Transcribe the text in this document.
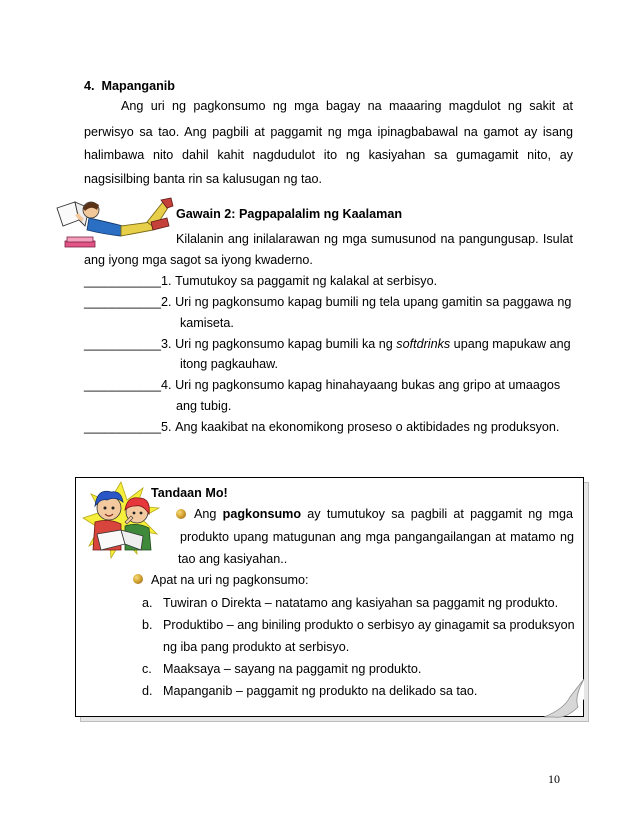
4.  Mapanganib
Ang uri ng pagkonsumo ng mga bagay na maaaring magdulot ng sakit at
perwisyo sa tao. Ang pagbili at paggamit ng mga ipinagbabawal na gamot ay isang
halimbawa nito dahil kahit nagdudulot ito ng kasiyahan sa gumagamit nito, ay
nagsisilbing banta rin sa kalusugan ng tao.
Gawain 2: Pagpapalalim ng Kaalaman
Kilalanin ang inilalarawan ng mga sumusunod na pangungusap. Isulat
ang iyong mga sagot sa iyong kwaderno.
___________1. Tumutukoy sa paggamit ng kalakal at serbisyo.
___________2. Uri ng pagkonsumo kapag bumili ng tela upang gamitin sa paggawa ng
kamiseta.
___________3. Uri ng pagkonsumo kapag bumili ka ng softdrinks upang mapukaw ang
itong pagkauhaw.
___________4. Uri ng pagkonsumo kapag hinahayaang bukas ang gripo at umaagos
ang tubig.
___________5. Ang kaakibat na ekonomikong proseso o aktibidades ng produksyon.
Tandaan Mo!
Ang pagkonsumo ay tumutukoy sa pagbili at paggamit ng mga
produkto upang matugunan ang mga pangangailangan at matamo ng
tao ang kasiyahan..
Apat na uri ng pagkonsumo:
a. Tuwiran o Direkta – natatamo ang kasiyahan sa paggamit ng produkto.
b. Produktibo – ang biniling produkto o serbisyo ay ginagamit sa produksyon
ng iba pang produkto at serbisyo.
c. Maaksaya – sayang na paggamit ng produkto.
d. Mapanganib – paggamit ng produkto na delikado sa tao.
10
